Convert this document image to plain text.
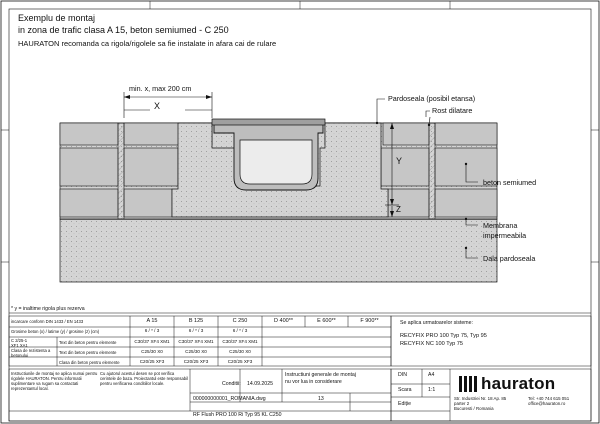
Exemplu de montaj
in zona de trafic clasa A 15, beton semiumed - C 250
HAURATON recomanda ca rigola/rigolele sa fie instalate in afara cai de rulare
min. x, max 200 cm
X
Y
Z
Pardoseala (posibil etansa)
Rost dilatare
beton semiumed
Membrana
impermeabila
Dala pardoseala
* y = inaltime rigola plus rezerva
incarcare conform DIN 1433 / EN 1433	A 15	B 125	C 250	D 400**	E 600**	F 900**
Grosime beton (x) / latime (y) / grosime (z) (cm)	6 / * / 3	6 / * / 3	6 / * / 3
C 2/25-1
XF1 XA1
Text din beton pentru elemente	C30/37 XF4 XM1	C30/37 XF4 XM1	C30/37 XF4 XM1
Clasa de rezistenta a betonului
Text din beton pentru elemente	C25/30 X0	C25/30 X0	C25/30 X0
Clasa din beton pentru elemente	C20/25 XF3	C20/25 XF3	C20/25 XF3
Se aplica urmatoarelor sisteme:
RECYFIX PRO 100 Typ 75, Typ 95
RECYFIX NC 100 Typ 75
Instructiunile de montaj se aplica numai pentru rigolele HAURATON. Pentru informatii suplimentare va rugam sa contactati reprezentantul local.
Cu ajutorul acestui desen se pot verifica cerintele de baza. Proiectantul este responsabil pentru verificarea conditiilor locale.	Conditii: 14.09.2025
Instructiuni generale de montaj
nu vor lua in considerare
000000000001_ROMANIA.dwg	13
RF Flush PRO 100 Ri Typ 95 KL C250
DIN	A4
Scara	1:1
Ediție
hauraton
Str. Industriei Nr. 18 Ap. 85
parter 2
Bucuresti / Romania
Tel: +40 744 615 051
office@hauraton.ro
